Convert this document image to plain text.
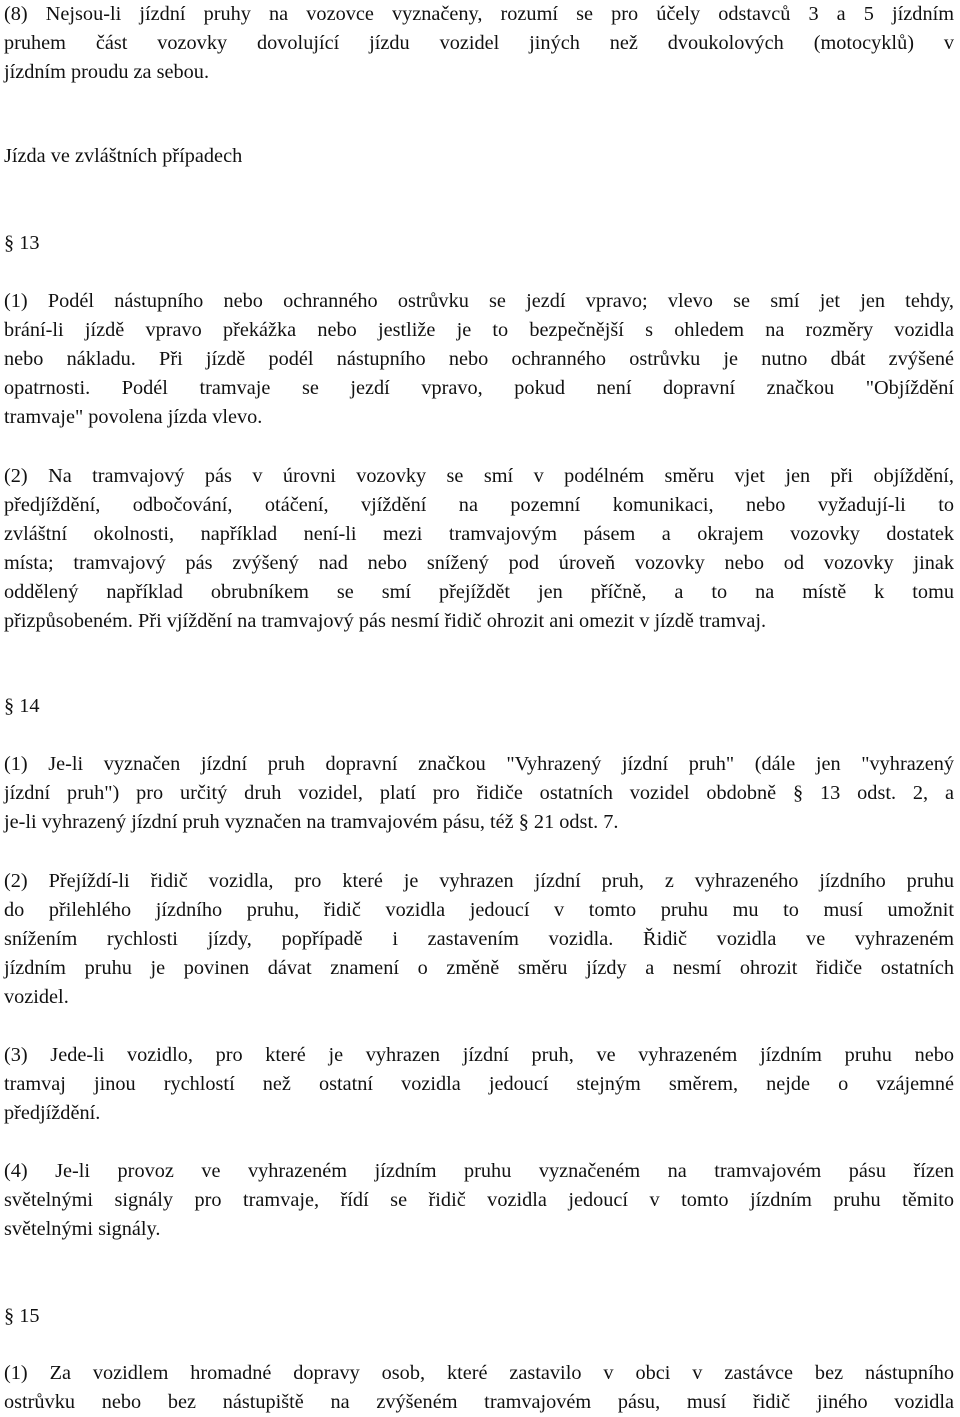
(8) Nejsou-li jízdní pruhy na vozovce vyznačeny, rozumí se pro účely odstavců 3 a 5 jízdním
pruhem část vozovky dovolující jízdu vozidel jiných než dvoukolových (motocyklů) v
jízdním proudu za sebou.
Jízda ve zvláštních případech
§ 13
(1) Podél nástupního nebo ochranného ostrůvku se jezdí vpravo; vlevo se smí jet jen tehdy,
brání-li jízdě vpravo překážka nebo jestliže je to bezpečnější s ohledem na rozměry vozidla
nebo nákladu. Při jízdě podél nástupního nebo ochranného ostrůvku je nutno dbát zvýšené
opatrnosti. Podél tramvaje se jezdí vpravo, pokud není dopravní značkou "Objíždění
tramvaje" povolena jízda vlevo.
(2) Na tramvajový pás v úrovni vozovky se smí v podélném směru vjet jen při objíždění,
předjíždění, odbočování, otáčení, vjíždění na pozemní komunikaci, nebo vyžadují-li to
zvláštní okolnosti, například není-li mezi tramvajovým pásem a okrajem vozovky dostatek
místa; tramvajový pás zvýšený nad nebo snížený pod úroveň vozovky nebo od vozovky jinak
oddělený například obrubníkem se smí přejíždět jen příčně, a to na místě k tomu
přizpůsobeném. Při vjíždění na tramvajový pás nesmí řidič ohrozit ani omezit v jízdě tramvaj.
§ 14
(1) Je-li vyznačen jízdní pruh dopravní značkou "Vyhrazený jízdní pruh" (dále jen "vyhrazený
jízdní pruh") pro určitý druh vozidel, platí pro řidiče ostatních vozidel obdobně § 13 odst. 2, a
je-li vyhrazený jízdní pruh vyznačen na tramvajovém pásu, též § 21 odst. 7.
(2) Přejíždí-li řidič vozidla, pro které je vyhrazen jízdní pruh, z vyhrazeného jízdního pruhu
do přilehlého jízdního pruhu, řidič vozidla jedoucí v tomto pruhu mu to musí umožnit
snížením rychlosti jízdy, popřípadě i zastavením vozidla. Řidič vozidla ve vyhrazeném
jízdním pruhu je povinen dávat znamení o změně směru jízdy a nesmí ohrozit řidiče ostatních
vozidel.
(3) Jede-li vozidlo, pro které je vyhrazen jízdní pruh, ve vyhrazeném jízdním pruhu nebo
tramvaj jinou rychlostí než ostatní vozidla jedoucí stejným směrem, nejde o vzájemné
předjíždění.
(4) Je-li provoz ve vyhrazeném jízdním pruhu vyznačeném na tramvajovém pásu řízen
světelnými signály pro tramvaje, řídí se řidič vozidla jedoucí v tomto jízdním pruhu těmito
světelnými signály.
§ 15
(1) Za vozidlem hromadné dopravy osob, které zastavilo v obci v zastávce bez nástupního
ostrůvku nebo bez nástupiště na zvýšeném tramvajovém pásu, musí řidič jiného vozidla
